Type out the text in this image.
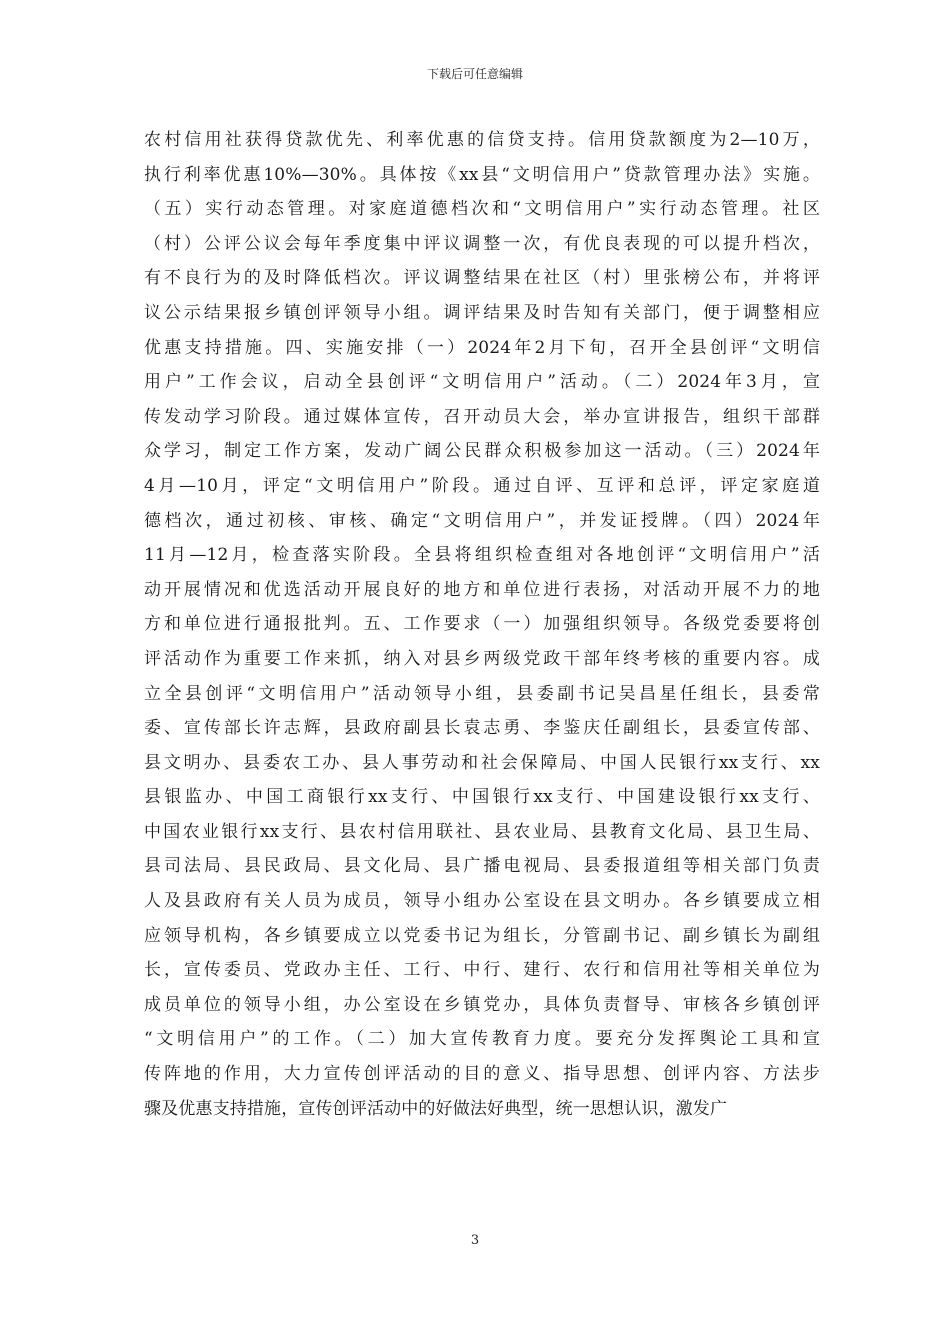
下载后可任意编辑
农村信用社获得贷款优先、利率优惠的信贷支持。信用贷款额度为2—10万，
执行利率优惠10%—30%。具体按《xx县“文明信用户”贷款管理办法》实施。
（五）实行动态管理。对家庭道德档次和“文明信用户”实行动态管理。社区
（村）公评公议会每年季度集中评议调整一次，有优良表现的可以提升档次，
有不良行为的及时降低档次。评议调整结果在社区（村）里张榜公布，并将评
议公示结果报乡镇创评领导小组。调评结果及时告知有关部门，便于调整相应
优惠支持措施。四、实施安排（一）2024年2月下旬，召开全县创评“文明信
用户”工作会议，启动全县创评“文明信用户”活动。（二）2024年3月，宣
传发动学习阶段。通过媒体宣传，召开动员大会，举办宣讲报告，组织干部群
众学习，制定工作方案，发动广阔公民群众积极参加这一活动。（三）2024年
4月—10月，评定“文明信用户”阶段。通过自评、互评和总评，评定家庭道
德档次，通过初核、审核、确定“文明信用户”，并发证授牌。（四）2024年
11月—12月，检查落实阶段。全县将组织检查组对各地创评“文明信用户”活
动开展情况和优选活动开展良好的地方和单位进行表扬，对活动开展不力的地
方和单位进行通报批判。五、工作要求（一）加强组织领导。各级党委要将创
评活动作为重要工作来抓，纳入对县乡两级党政干部年终考核的重要内容。成
立全县创评“文明信用户”活动领导小组，县委副书记吴昌星任组长，县委常
委、宣传部长许志辉，县政府副县长袁志勇、李鉴庆任副组长，县委宣传部、
县文明办、县委农工办、县人事劳动和社会保障局、中国人民银行xx支行、xx
县银监办、中国工商银行xx支行、中国银行xx支行、中国建设银行xx支行、
中国农业银行xx支行、县农村信用联社、县农业局、县教育文化局、县卫生局、
县司法局、县民政局、县文化局、县广播电视局、县委报道组等相关部门负责
人及县政府有关人员为成员，领导小组办公室设在县文明办。各乡镇要成立相
应领导机构，各乡镇要成立以党委书记为组长，分管副书记、副乡镇长为副组
长，宣传委员、党政办主任、工行、中行、建行、农行和信用社等相关单位为
成员单位的领导小组，办公室设在乡镇党办，具体负责督导、审核各乡镇创评
“文明信用户”的工作。（二）加大宣传教育力度。要充分发挥舆论工具和宣
传阵地的作用，大力宣传创评活动的目的意义、指导思想、创评内容、方法步
骤及优惠支持措施，宣传创评活动中的好做法好典型，统一思想认识，激发广
3
